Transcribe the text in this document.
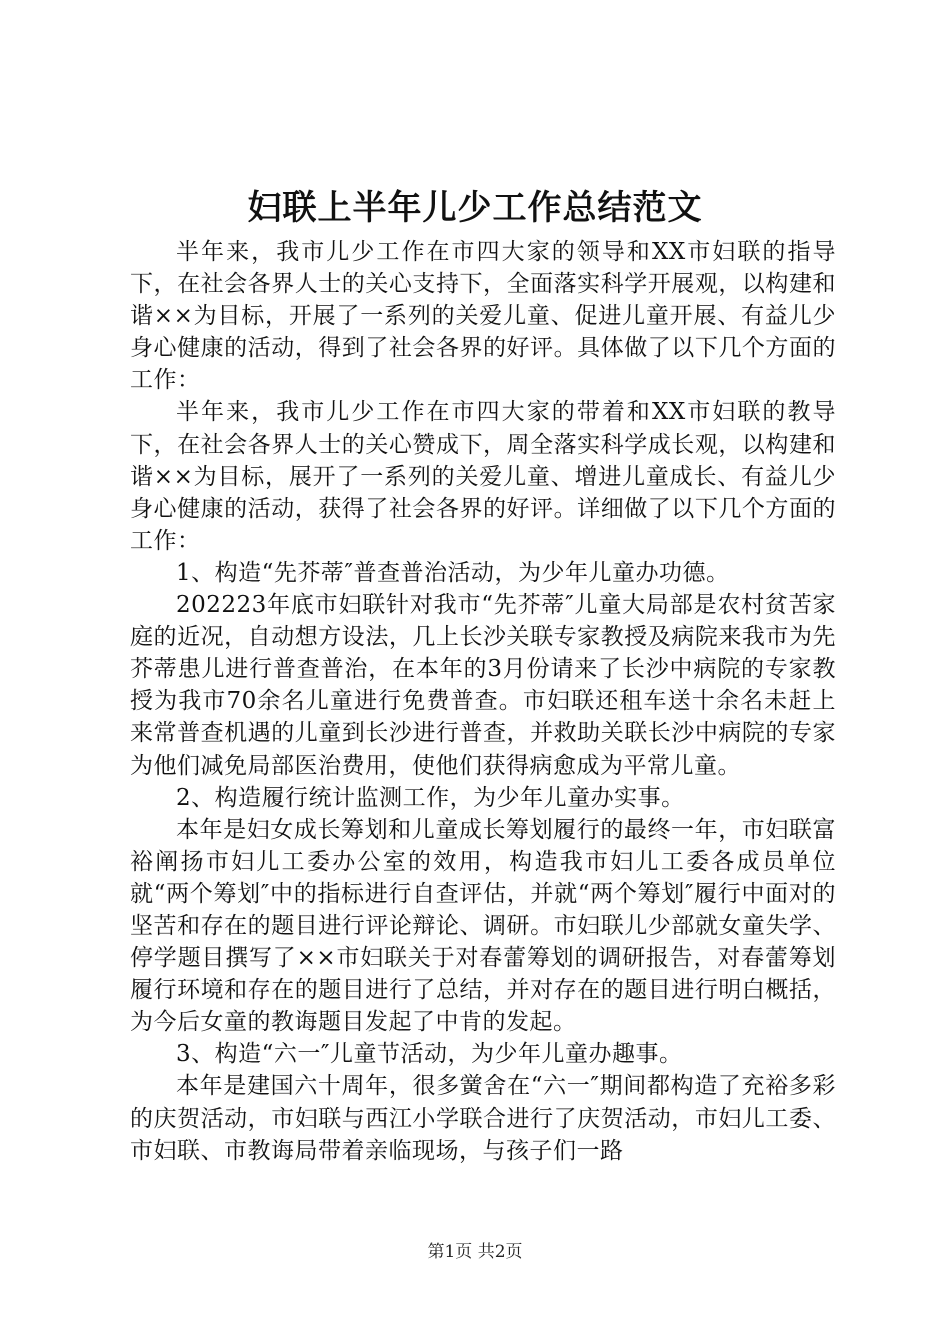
妇联上半年儿少工作总结范文

半年来，我市儿少工作在市四大家的领导和XX市妇联的指导下，在社会各界人士的关心支持下，全面落实科学开展观，以构建和谐××为目标，开展了一系列的关爱儿童、促进儿童开展、有益儿少身心健康的活动，得到了社会各界的好评。具体做了以下几个方面的工作：

半年来，我市儿少工作在市四大家的带着和XX市妇联的教导下，在社会各界人士的关心赞成下，周全落实科学成长观，以构建和谐××为目标，展开了一系列的关爱儿童、增进儿童成长、有益儿少身心健康的活动，获得了社会各界的好评。详细做了以下几个方面的工作：

1、构造“先芥蒂″普查普治活动，为少年儿童办功德。

202223年底市妇联针对我市“先芥蒂″儿童大局部是农村贫苦家庭的近况，自动想方设法，几上长沙关联专家教授及病院来我市为先芥蒂患儿进行普查普治，在本年的3月份请来了长沙中病院的专家教授为我市70余名儿童进行免费普查。市妇联还租车送十余名未赶上来常普查机遇的儿童到长沙进行普查，并救助关联长沙中病院的专家为他们减免局部医治费用，使他们获得病愈成为平常儿童。

2、构造履行统计监测工作，为少年儿童办实事。

本年是妇女成长筹划和儿童成长筹划履行的最终一年，市妇联富裕阐扬市妇儿工委办公室的效用，构造我市妇儿工委各成员单位就“两个筹划″中的指标进行自查评估，并就“两个筹划″履行中面对的坚苦和存在的题目进行评论辩论、调研。市妇联儿少部就女童失学、停学题目撰写了××市妇联关于对春蕾筹划的调研报告，对春蕾筹划履行环境和存在的题目进行了总结，并对存在的题目进行明白概括，为今后女童的教诲题目发起了中肯的发起。

3、构造“六一″儿童节活动，为少年儿童办趣事。

本年是建国六十周年，很多黉舍在“六一″期间都构造了充裕多彩的庆贺活动，市妇联与西江小学联合进行了庆贺活动，市妇儿工委、市妇联、市教诲局带着亲临现场，与孩子们一路

第1页 共2页
